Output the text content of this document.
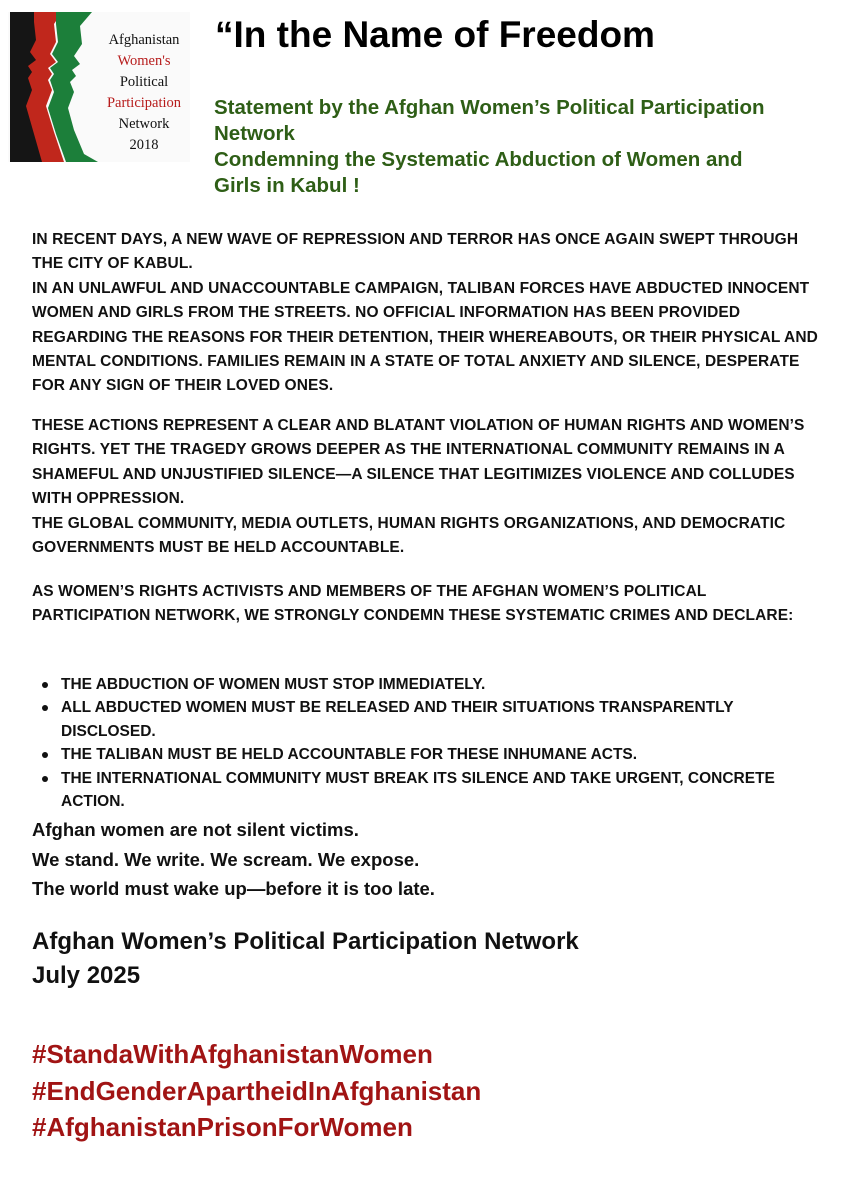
Afghanistan
Women's
Political
Participation
Network
2018
“In the Name of Freedom
Statement by the Afghan Women’s Political Participation
Network
Condemning the Systematic Abduction of Women and
Girls in Kabul !

IN RECENT DAYS, A NEW WAVE OF REPRESSION AND TERROR HAS ONCE AGAIN SWEPT THROUGH THE CITY OF KABUL.

IN AN UNLAWFUL AND UNACCOUNTABLE CAMPAIGN, TALIBAN FORCES HAVE ABDUCTED INNOCENT WOMEN AND GIRLS FROM THE STREETS. NO OFFICIAL INFORMATION HAS BEEN PROVIDED REGARDING THE REASONS FOR THEIR DETENTION, THEIR WHEREABOUTS, OR THEIR PHYSICAL AND MENTAL CONDITIONS. FAMILIES REMAIN IN A STATE OF TOTAL ANXIETY AND SILENCE, DESPERATE FOR ANY SIGN OF THEIR LOVED ONES.

THESE ACTIONS REPRESENT A CLEAR AND BLATANT VIOLATION OF HUMAN RIGHTS AND WOMEN’S RIGHTS. YET THE TRAGEDY GROWS DEEPER AS THE INTERNATIONAL COMMUNITY REMAINS IN A SHAMEFUL AND UNJUSTIFIED SILENCE—A SILENCE THAT LEGITIMIZES VIOLENCE AND COLLUDES WITH OPPRESSION.

THE GLOBAL COMMUNITY, MEDIA OUTLETS, HUMAN RIGHTS ORGANIZATIONS, AND DEMOCRATIC GOVERNMENTS MUST BE HELD ACCOUNTABLE.

AS WOMEN’S RIGHTS ACTIVISTS AND MEMBERS OF THE AFGHAN WOMEN’S POLITICAL PARTICIPATION NETWORK, WE STRONGLY CONDEMN THESE SYSTEMATIC CRIMES AND DECLARE:

THE ABDUCTION OF WOMEN MUST STOP IMMEDIATELY.
ALL ABDUCTED WOMEN MUST BE RELEASED AND THEIR SITUATIONS TRANSPARENTLY DISCLOSED.
THE TALIBAN MUST BE HELD ACCOUNTABLE FOR THESE INHUMANE ACTS.
THE INTERNATIONAL COMMUNITY MUST BREAK ITS SILENCE AND TAKE URGENT, CONCRETE ACTION.
Afghan women are not silent victims.
We stand. We write. We scream. We expose.
The world must wake up—before it is too late.
Afghan Women’s Political Participation Network
July 2025
#StandaWithAfghanistanWomen
#EndGenderApartheidInAfghanistan
#AfghanistanPrisonForWomen
